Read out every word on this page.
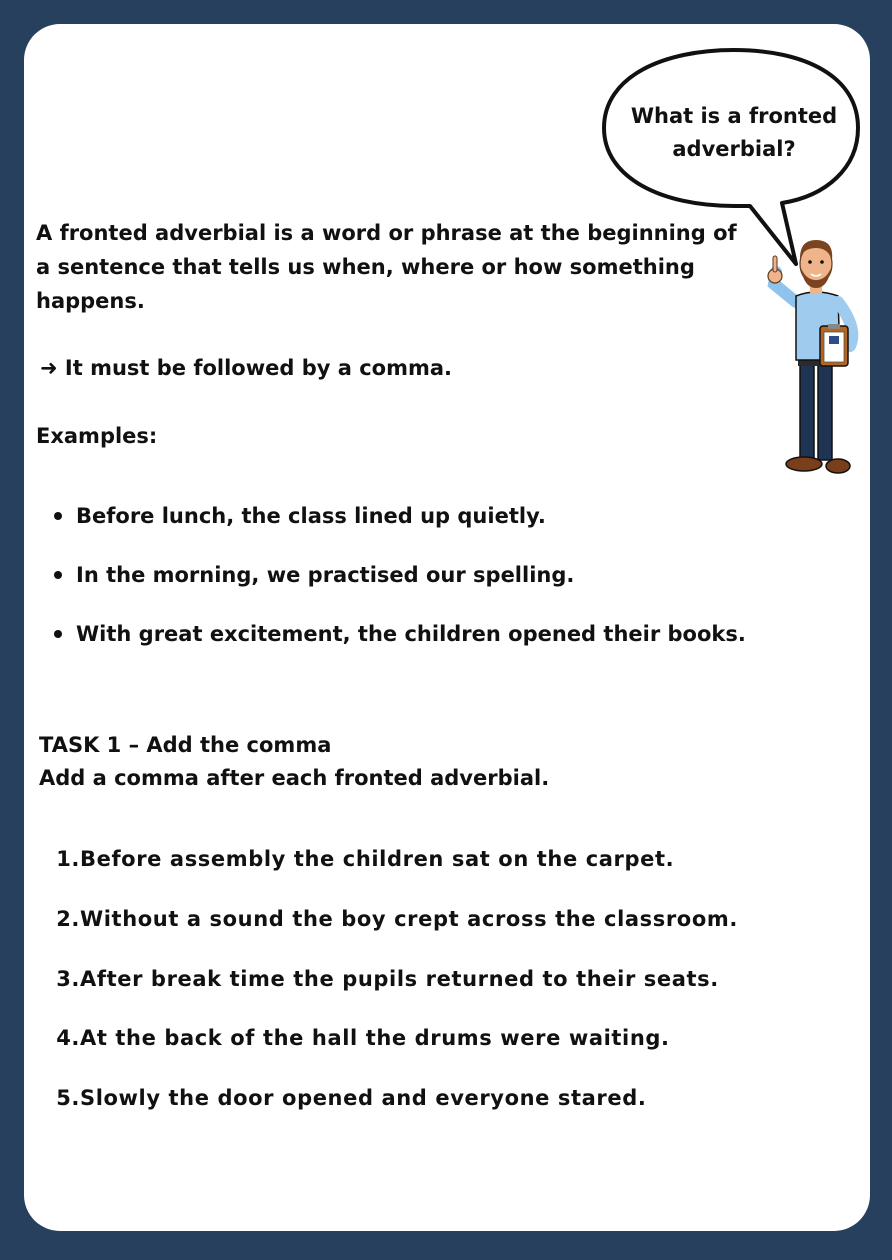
What is a fronted adverbial?
A fronted adverbial is a word or phrase at the beginning of a sentence that tells us when, where or how something happens.
➜ It must be followed by a comma.
Examples:
Before lunch, the class lined up quietly.
In the morning, we practised our spelling.
With great excitement, the children opened their books.
TASK 1 – Add the comma
Add a comma after each fronted adverbial.
1.Before assembly the children sat on the carpet.
2.Without a sound the boy crept across the classroom.
3.After break time the pupils returned to their seats.
4.At the back of the hall the drums were waiting.
5.Slowly the door opened and everyone stared.
